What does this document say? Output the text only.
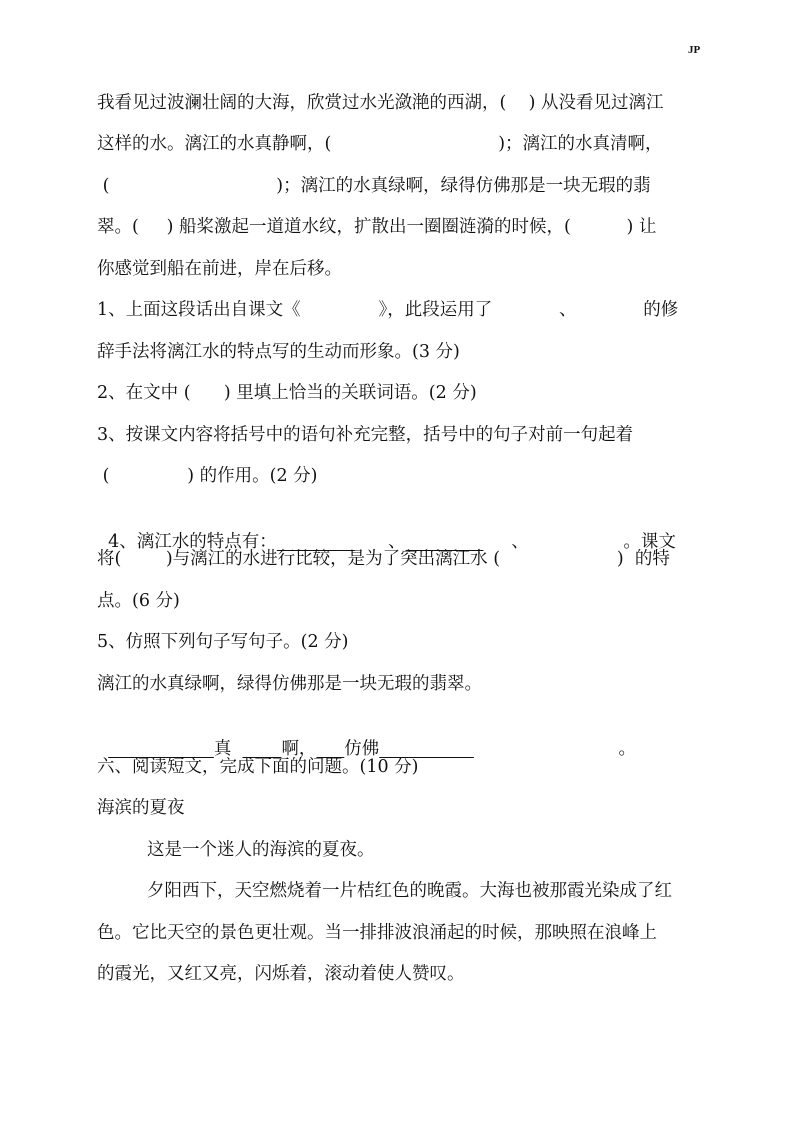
JP
我看见过波澜壮阔的大海，欣赏过水光潋滟的西湖，(    ) 从没看见过漓江
这样的水。漓江的水真静啊，(                              )；漓江的水真清啊，
(                              )；漓江的水真绿啊，绿得仿佛那是一块无瑕的翡
翠。(     ) 船桨激起一道道水纹，扩散出一圈圈涟漪的时候，(          ) 让
你感觉到船在前进，岸在后移。
1、上面这段话出自课文《              》，此段运用了            、            的修
辞手法将漓江水的特点写的生动而形象。(3 分)
2、在文中 (      ) 里填上恰当的关联词语。(2 分)
3、按课文内容将括号中的语句补充完整，括号中的句子对前一句起着
(              ) 的作用。(2 分)

4、漓江水的特点有：	、	、                 。课文

将(        )与漓江的水进行比较，是为了突出漓江水 (                     )  的特
点。(6 分)
5、仿照下列句子写句子。(2 分)
漓江的水真绿啊，绿得仿佛那是一块无瑕的翡翠。

真	啊， 仿佛	。

六、阅读短文，完成下面的问题。(10 分)
海滨的夏夜
这是一个迷人的海滨的夏夜。
夕阳西下，天空燃烧着一片桔红色的晚霞。大海也被那霞光染成了红
色。它比天空的景色更壮观。当一排排波浪涌起的时候，那映照在浪峰上
的霞光，又红又亮，闪烁着，滚动着使人赞叹。
